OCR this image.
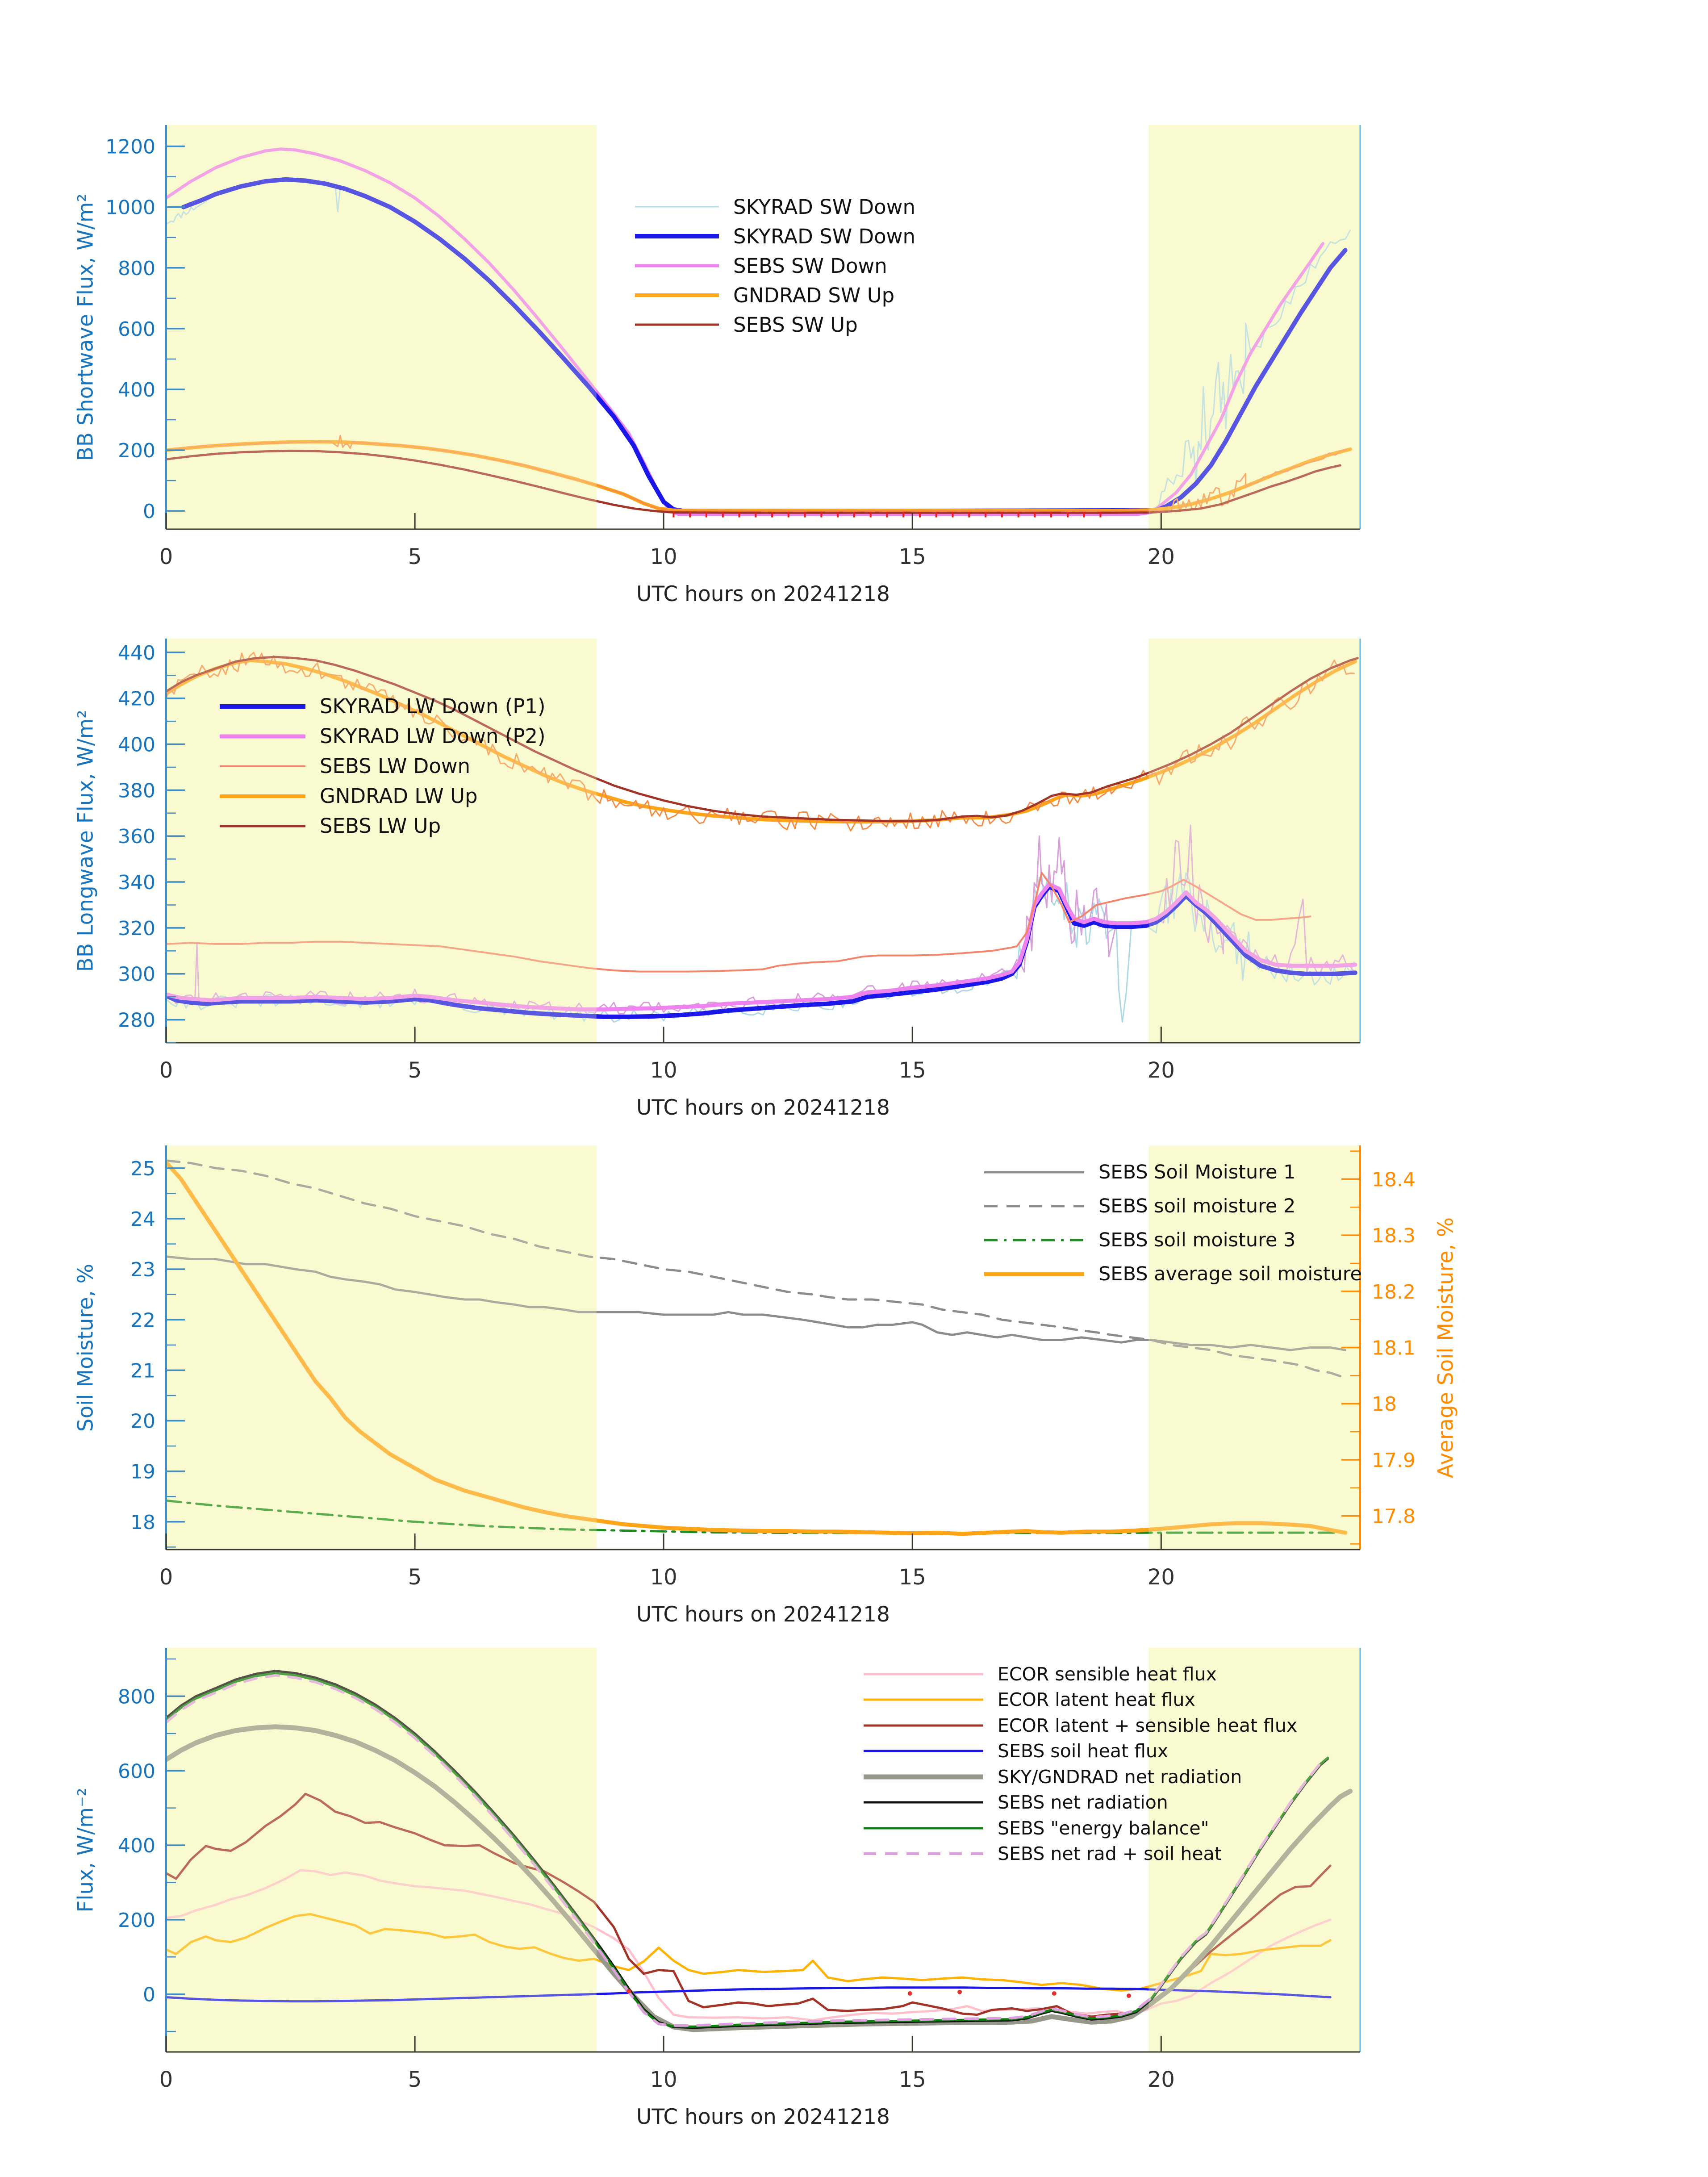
0
200
400
600
800
1000
1200
0	5	10	15	20
BB Shortwave Flux, W/m²
UTC hours on 20241218
SKYRAD SW Down
SKYRAD SW Down
SEBS SW Down
GNDRAD SW Up
SEBS SW Up
280
300
320
340
360
380
400
420
440
0	5	10	15	20
BB Longwave Flux, W/m²
UTC hours on 20241218
SKYRAD LW Down (P1)
SKYRAD LW Down (P2)
SEBS LW Down
GNDRAD LW Up
SEBS LW Up
18
19
20
21
22
23
24
25
17.8
17.9
18
18.1
18.2
18.3
18.4
0	5	10	15	20
Soil Moisture, %	Average Soil Moisture, %
UTC hours on 20241218
SEBS Soil Moisture 1
SEBS soil moisture 2
SEBS soil moisture 3
SEBS average soil moisture
0
200
400
600
800
0	5	10	15	20
Flux, W/m⁻²
UTC hours on 20241218
ECOR sensible heat flux
ECOR latent heat flux
ECOR latent + sensible heat flux
SEBS soil heat flux
SKY/GNDRAD net radiation
SEBS net radiation
SEBS "energy balance"
SEBS net rad + soil heat
